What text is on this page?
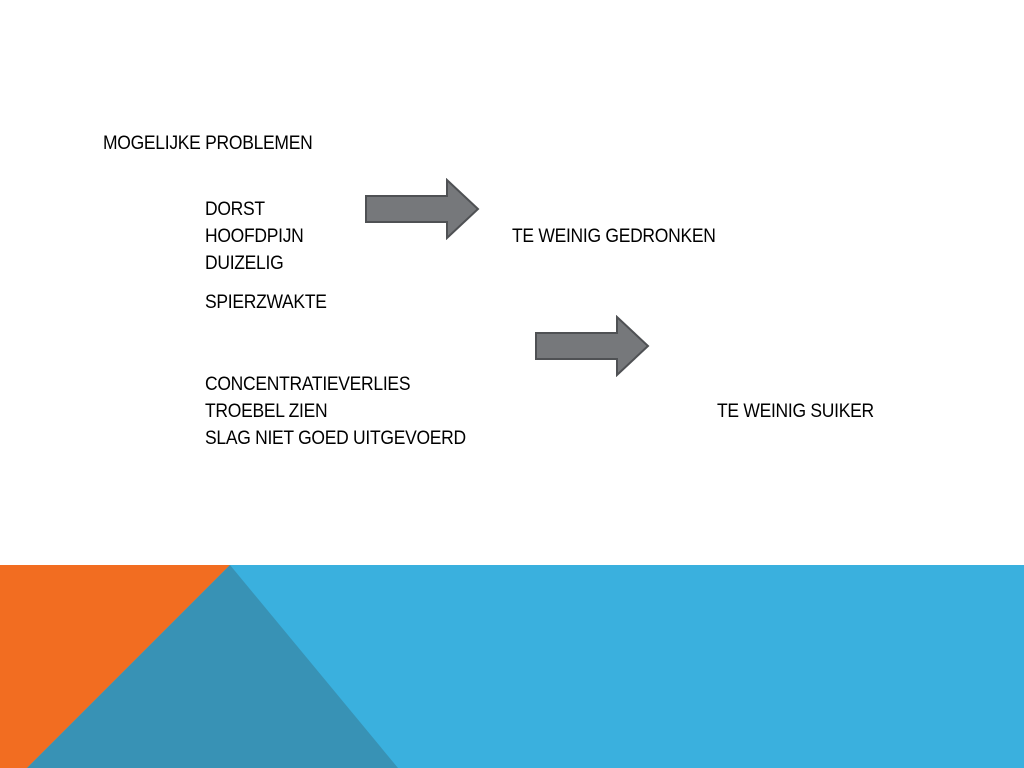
MOGELIJKE PROBLEMEN
DORST
HOOFDPIJN
DUIZELIG
SPIERZWAKTE
TE WEINIG GEDRONKEN
CONCENTRATIEVERLIES
TROEBEL ZIEN
SLAG NIET GOED UITGEVOERD
TE WEINIG SUIKER
